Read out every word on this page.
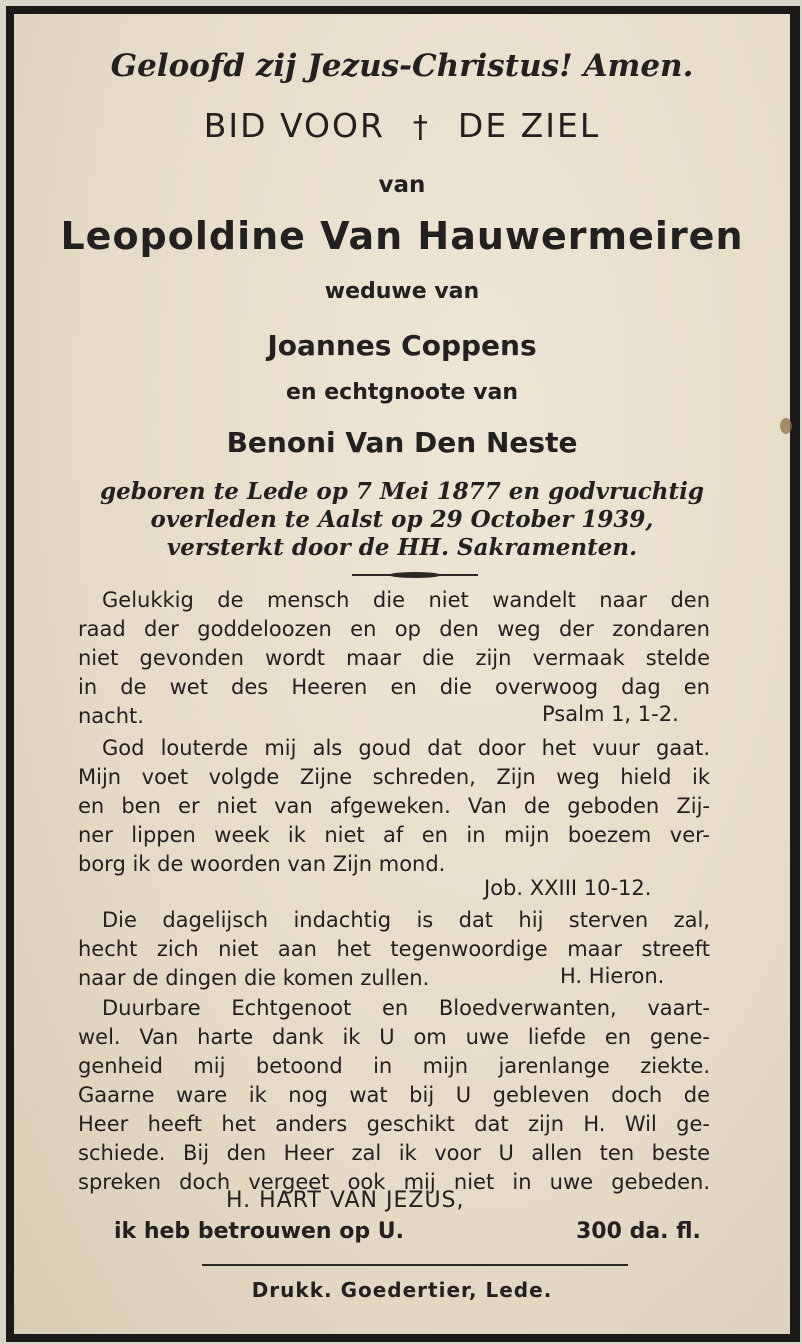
Geloofd zij Jezus-Christus! Amen.
BID VOOR † DE ZIEL
van
Leopoldine Van Hauwermeiren
weduwe van
Joannes Coppens
en echtgnoote van
Benoni Van Den Neste
geboren te Lede op 7 Mei 1877 en godvruchtig
overleden te Aalst op 29 October 1939,
versterkt door de HH. Sakramenten.
Gelukkig de mensch die niet wandelt naar den
raad der goddeloozen en op den weg der zondaren
niet gevonden wordt maar die zijn vermaak stelde
in de wet des Heeren en die overwoog dag en
nacht.	Psalm 1, 1-2.
God louterde mij als goud dat door het vuur gaat.
Mijn voet volgde Zijne schreden, Zijn weg hield ik
en ben er niet van afgeweken. Van de geboden Zij-
ner lippen week ik niet af en in mijn boezem ver-
borg ik de woorden van Zijn mond.
Job. XXIII 10-12.
Die dagelijsch indachtig is dat hij sterven zal,
hecht zich niet aan het tegenwoordige maar streeft
naar de dingen die komen zullen.	H. Hieron.
Duurbare Echtgenoot en Bloedverwanten, vaart-
wel. Van harte dank ik U om uwe liefde en gene-
genheid mij betoond in mijn jarenlange ziekte.
Gaarne ware ik nog wat bij U gebleven doch de
Heer heeft het anders geschikt dat zijn H. Wil ge-
schiede. Bij den Heer zal ik voor U allen ten beste
spreken doch vergeet ook mij niet in uwe gebeden.
H. HART VAN JEZUS,
ik heb betrouwen op U.	300 da. fl.
Drukk. Goedertier, Lede.
